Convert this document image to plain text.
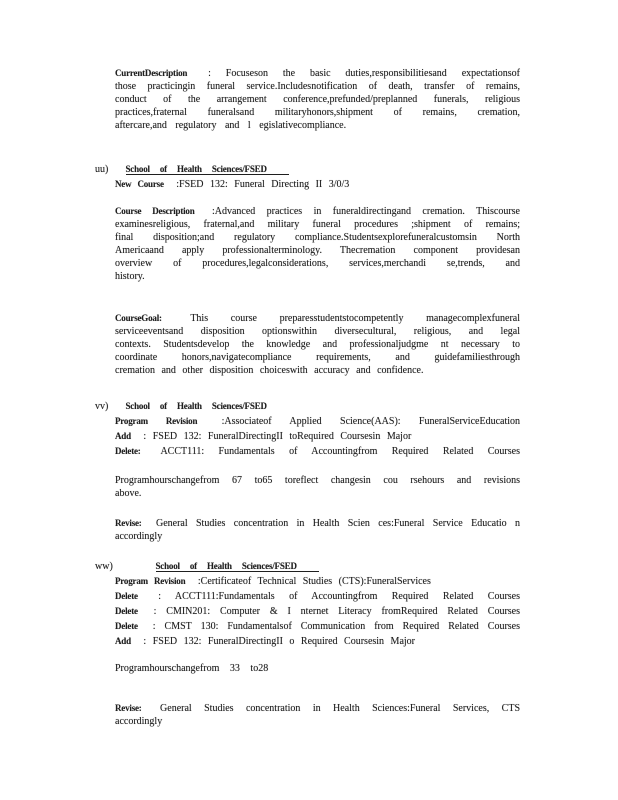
CurrentDescription : Focuseson the basic duties,responsibilitiesand expectationsof
those practicingin funeral service.Includesnotification of death, transfer of remains,
conduct of the arrangement conference,prefunded/preplanned funerals, religious
practices,fraternal funeralsand militaryhonors,shipment of remains, cremation,
aftercare,and regulatory and l egislativecompliance.
uu) School of Health Sciences/FSED
New Course :FSED 132: Funeral Directing II 3/0/3
Course Description :Advanced practices in funeraldirectingand cremation. Thiscourse
examinesreligious, fraternal,and military funeral procedures ;shipment of remains;
final disposition;and regulatory compliance.Studentsexplorefuneralcustomsin North
Americaand apply professionalterminology. Thecremation component providesan
overview of procedures,legalconsiderations, services,merchandi se,trends, and
history.
CourseGoal:	This course preparesstudentstocompetently managecomplexfuneral
serviceeventsand disposition optionswithin diversecultural, religious, and legal
contexts. Studentsdevelop the knowledge and professionaljudgme nt necessary to
coordinate honors,navigatecompliance requirements, and guidefamiliesthrough
cremation and other disposition choiceswith accuracy and confidence.
vv) School of Health Sciences/FSED
Program Revision :Associateof Applied Science(AAS): FuneralServiceEducation
Add : FSED 132: FuneralDirectingII toRequired Coursesin Major
Delete: ACCT111: Fundamentals of Accountingfrom Required Related Courses
Programhourschangefrom 67 to65 toreflect changesin cou rsehours and revisions
above.
Revise: General Studies concentration in Health Scien ces:Funeral Service Educatio n
accordingly
ww)	School of Health Sciences/FSED
Program Revision :Certificateof Technical Studies (CTS):FuneralServices
Delete : ACCT111:Fundamentals of Accountingfrom Required Related Courses
Delete : CMIN201: Computer & I nternet Literacy fromRequired Related Courses
Delete : CMST 130: Fundamentalsof Communication from Required Related Courses
Add : FSED 132: FuneralDirectingII o Required Coursesin Major
Programhourschangefrom 33 to28
Revise: General Studies concentration in Health Sciences:Funeral Services, CTS
accordingly
